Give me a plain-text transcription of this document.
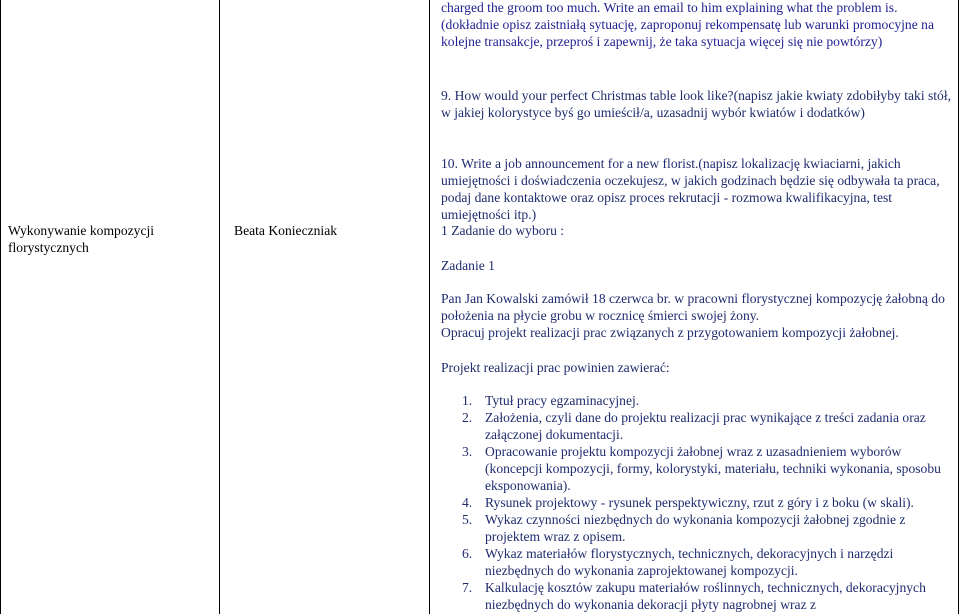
Wykonywanie kompozycji florystycznych
Beata Konieczniak
charged the groom too much. Write an email to him explaining what the problem is.(dokładnie opisz zaistniałą sytuację, zaproponuj rekompensatę lub warunki promocyjne na kolejne transakcje, przeproś i zapewnij, że taka sytuacja więcej się nie powtórzy)
9. How would your perfect Christmas table look like?(napisz jakie kwiaty zdobiłyby taki stół, w jakiej kolorystyce byś go umieścił/a, uzasadnij wybór kwiatów i dodatków)
10. Write a job announcement for a new florist.(napisz lokalizację kwiaciarni, jakich umiejętności i doświadczenia oczekujesz, w jakich godzinach będzie się odbywała ta praca, podaj dane kontaktowe oraz opisz proces rekrutacji - rozmowa kwalifikacyjna, test umiejętności itp.)
1 Zadanie do wyboru :
Zadanie 1
Pan Jan Kowalski zamówił 18 czerwca br. w pracowni florystycznej kompozycję żałobną do położenia na płycie grobu w rocznicę śmierci swojej żony.
Opracuj projekt realizacji prac związanych z przygotowaniem kompozycji żałobnej.
Projekt realizacji prac powinien zawierać:
1. Tytuł pracy egzaminacyjnej.
2. Założenia, czyli dane do projektu realizacji prac wynikające z treści zadania oraz załączonej dokumentacji.
3. Opracowanie projektu kompozycji żałobnej wraz z uzasadnieniem wyborów (koncepcji kompozycji, formy, kolorystyki, materiału, techniki wykonania, sposobu eksponowania).
4. Rysunek projektowy - rysunek perspektywiczny, rzut z góry i z boku (w skali).
5. Wykaz czynności niezbędnych do wykonania kompozycji żałobnej zgodnie z projektem wraz z opisem.
6. Wykaz materiałów florystycznych, technicznych, dekoracyjnych i narzędzi niezbędnych do wykonania zaprojektowanej kompozycji.
7. Kalkulację kosztów zakupu materiałów roślinnych, technicznych, dekoracyjnych niezbędnych do wykonania dekoracji płyty nagrobnej wraz z
